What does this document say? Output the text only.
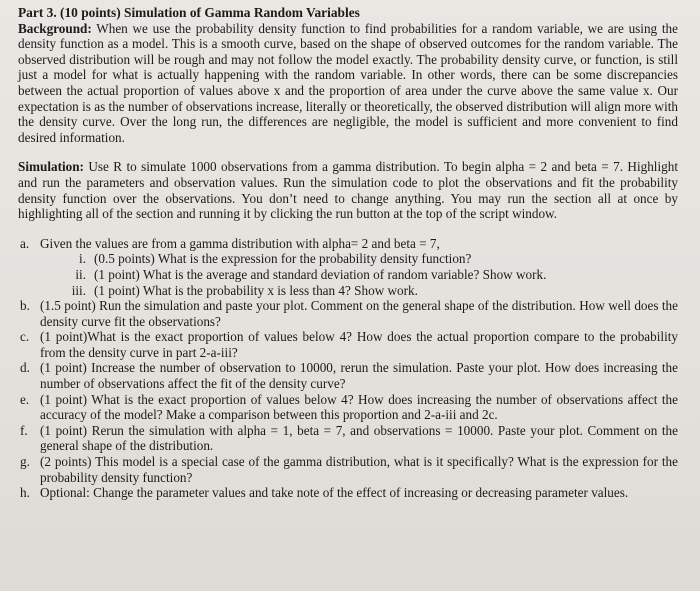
Part 3. (10 points) Simulation of Gamma Random Variables

Background: When we use the probability density function to find probabilities for a random variable, we are using the density function as a model. This is a smooth curve, based on the shape of observed outcomes for the random variable. The observed distribution will be rough and may not follow the model exactly. The probability density curve, or function, is still just a model for what is actually happening with the random variable. In other words, there can be some discrepancies between the actual proportion of values above x and the proportion of area under the curve above the same value x. Our expectation is as the number of observations increase, literally or theoretically, the observed distribution will align more with the density curve. Over the long run, the differences are negligible, the model is sufficient and more convenient to find desired information.

Simulation: Use R to simulate 1000 observations from a gamma distribution. To begin alpha = 2 and beta = 7. Highlight and run the parameters and observation values. Run the simulation code to plot the observations and fit the probability density function over the observations. You don’t need to change anything. You may run the section all at once by highlighting all of the section and running it by clicking the run button at the top of the script window.

a. Given the values are from a gamma distribution with alpha= 2 and beta = 7,
i. (0.5 points) What is the expression for the probability density function?
ii. (1 point) What is the average and standard deviation of random variable? Show work.
iii. (1 point) What is the probability x is less than 4? Show work.
b. (1.5 point) Run the simulation and paste your plot. Comment on the general shape of the distribution. How well does the density curve fit the observations?
c. (1 point)What is the exact proportion of values below 4? How does the actual proportion compare to the probability from the density curve in part 2-a-iii?
d. (1 point) Increase the number of observation to 10000, rerun the simulation. Paste your plot. How does increasing the number of observations affect the fit of the density curve?
e. (1 point) What is the exact proportion of values below 4? How does increasing the number of observations affect the accuracy of the model? Make a comparison between this proportion and 2-a-iii and 2c.
f. (1 point) Rerun the simulation with alpha = 1, beta = 7, and observations = 10000. Paste your plot. Comment on the general shape of the distribution.
g. (2 points) This model is a special case of the gamma distribution, what is it specifically? What is the expression for the probability density function?
h. Optional: Change the parameter values and take note of the effect of increasing or decreasing parameter values.
